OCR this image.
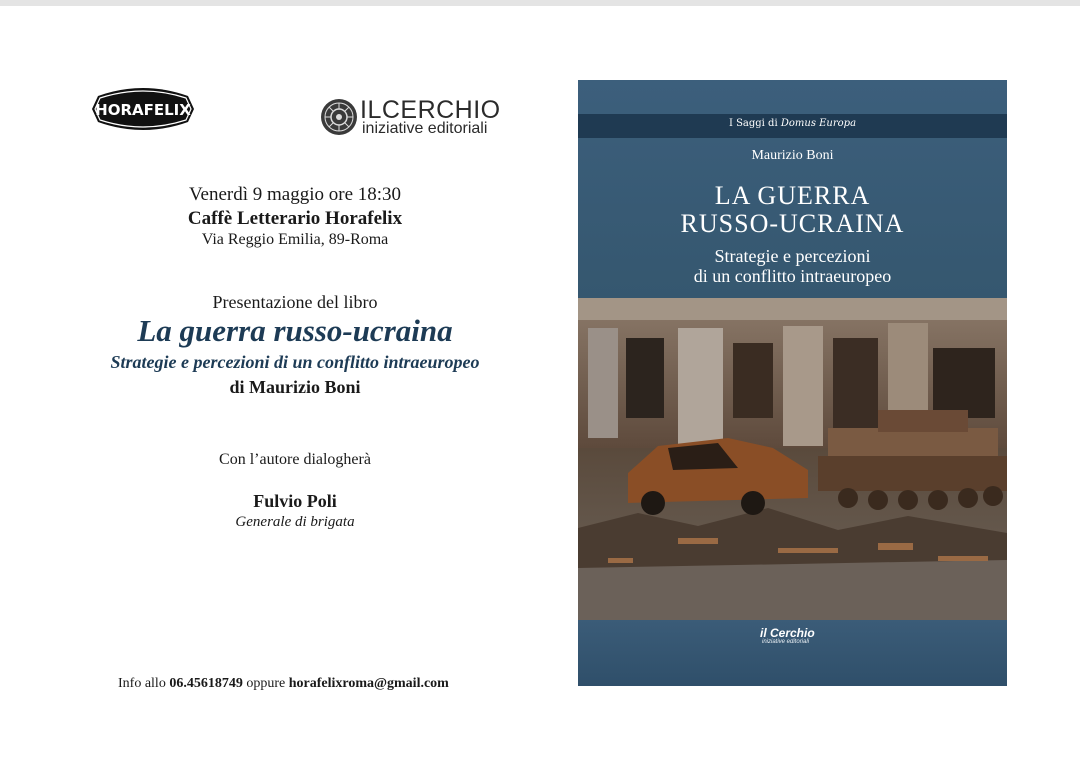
HORAFELIX	ILCERCHIO
iniziative editoriali
Venerdì 9 maggio ore 18:30
Caffè Letterario Horafelix
Via Reggio Emilia, 89-Roma
Presentazione del libro
La guerra russo-ucraina
Strategie e percezioni di un conflitto intraeuropeo
di Maurizio Boni
Con l’autore dialogherà
Fulvio Poli
Generale di brigata
Info allo 06.45618749 oppure horafelixroma@gmail.com
I Saggi di Domus Europa
Maurizio Boni
LA GUERRA
RUSSO-UCRAINA
Strategie e percezioni
di un conflitto intraeuropeo
il Cerchio
iniziative editoriali
